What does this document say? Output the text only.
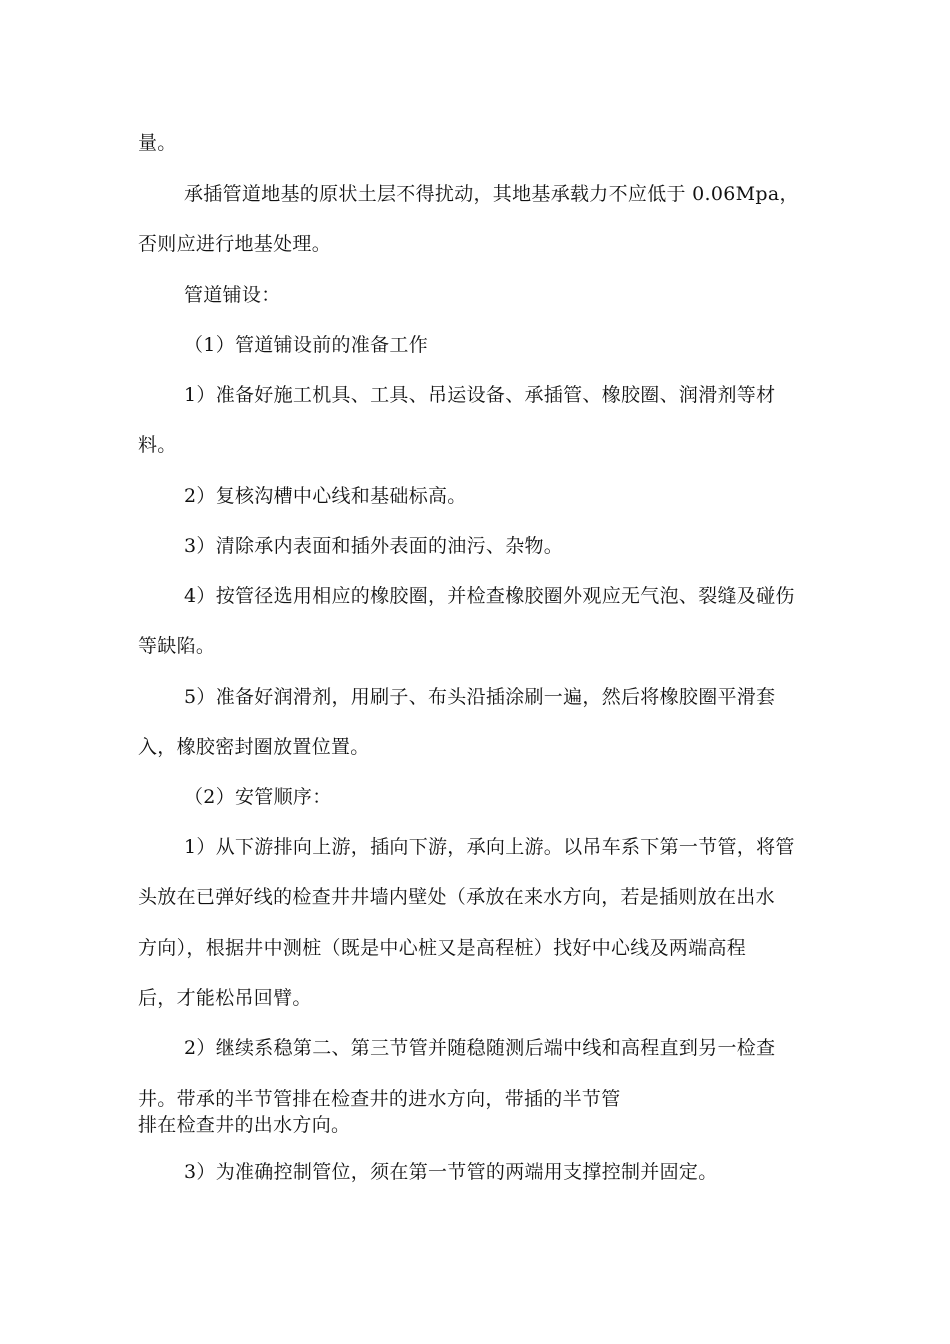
量。
承插管道地基的原状土层不得扰动，其地基承载力不应低于 0.06Mpa，
否则应进行地基处理。
管道铺设：
（1）管道铺设前的准备工作
1）准备好施工机具、工具、吊运设备、承插管、橡胶圈、润滑剂等材
料。
2）复核沟槽中心线和基础标高。
3）清除承内表面和插外表面的油污、杂物。
4）按管径选用相应的橡胶圈，并检查橡胶圈外观应无气泡、裂缝及碰伤
等缺陷。
5）准备好润滑剂，用刷子、布头沿插涂刷一遍，然后将橡胶圈平滑套
入，橡胶密封圈放置位置。
（2）安管顺序：
1）从下游排向上游，插向下游，承向上游。以吊车系下第一节管，将管
头放在已弹好线的检查井井墙内壁处（承放在来水方向，若是插则放在出水
方向），根据井中测桩（既是中心桩又是高程桩）找好中心线及两端高程
后，才能松吊回臂。
2）继续系稳第二、第三节管并随稳随测后端中线和高程直到另一检查
井。带承的半节管排在检查井的进水方向，带插的半节管
排在检查井的出水方向。
3）为准确控制管位，须在第一节管的两端用支撑控制并固定。
